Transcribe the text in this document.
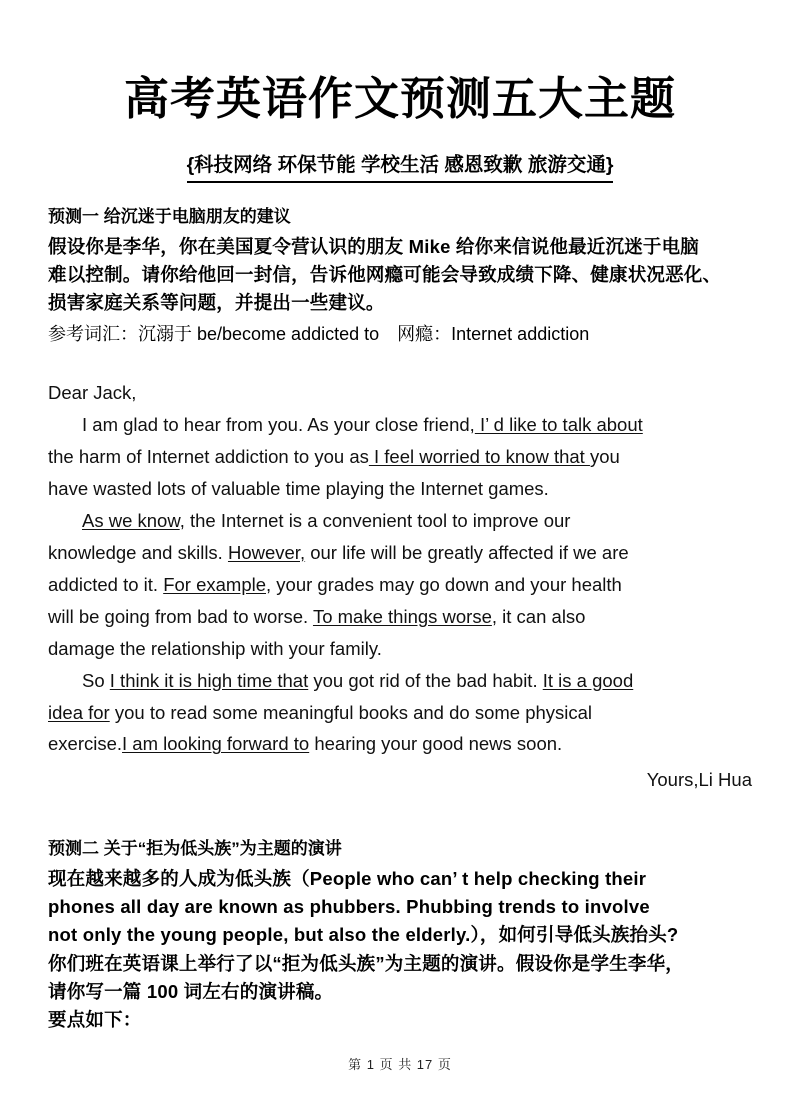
高考英语作文预测五大主题
{科技网络 环保节能 学校生活 感恩致歉 旅游交通}
预测一 给沉迷于电脑朋友的建议
假设你是李华，你在美国夏令营认识的朋友 Mike 给你来信说他最近沉迷于电脑
难以控制。请你给他回一封信，告诉他网瘾可能会导致成绩下降、健康状况恶化、
损害家庭关系等问题，并提出一些建议。
参考词汇：沉溺于 be/become addicted to 网瘾：Internet addiction

Dear Jack,

I am glad to hear from you. As your close friend, I’ d like to talk about

the harm of Internet addiction to you as I feel worried to know that you

have wasted lots of valuable time playing the Internet games.

As we know, the Internet is a convenient tool to improve our

knowledge and skills. However, our life will be greatly affected if we are

addicted to it. For example, your grades may go down and your health

will be going from bad to worse. To make things worse, it can also

damage the relationship with your family.

So I think it is high time that you got rid of the bad habit. It is a good

idea for you to read some meaningful books and do some physical

exercise.I am looking forward to hearing your good news soon.

Yours,Li Hua
预测二 关于“拒为低头族”为主题的演讲
现在越来越多的人成为低头族（People who can’ t help checking their
phones all day are known as phubbers. Phubbing trends to involve
not only the young people, but also the elderly.），如何引导低头族抬头?
你们班在英语课上举行了以“拒为低头族”为主题的演讲。假设你是学生李华，
请你写一篇 100 词左右的演讲稿。
要点如下：
第 1 页 共 17 页
